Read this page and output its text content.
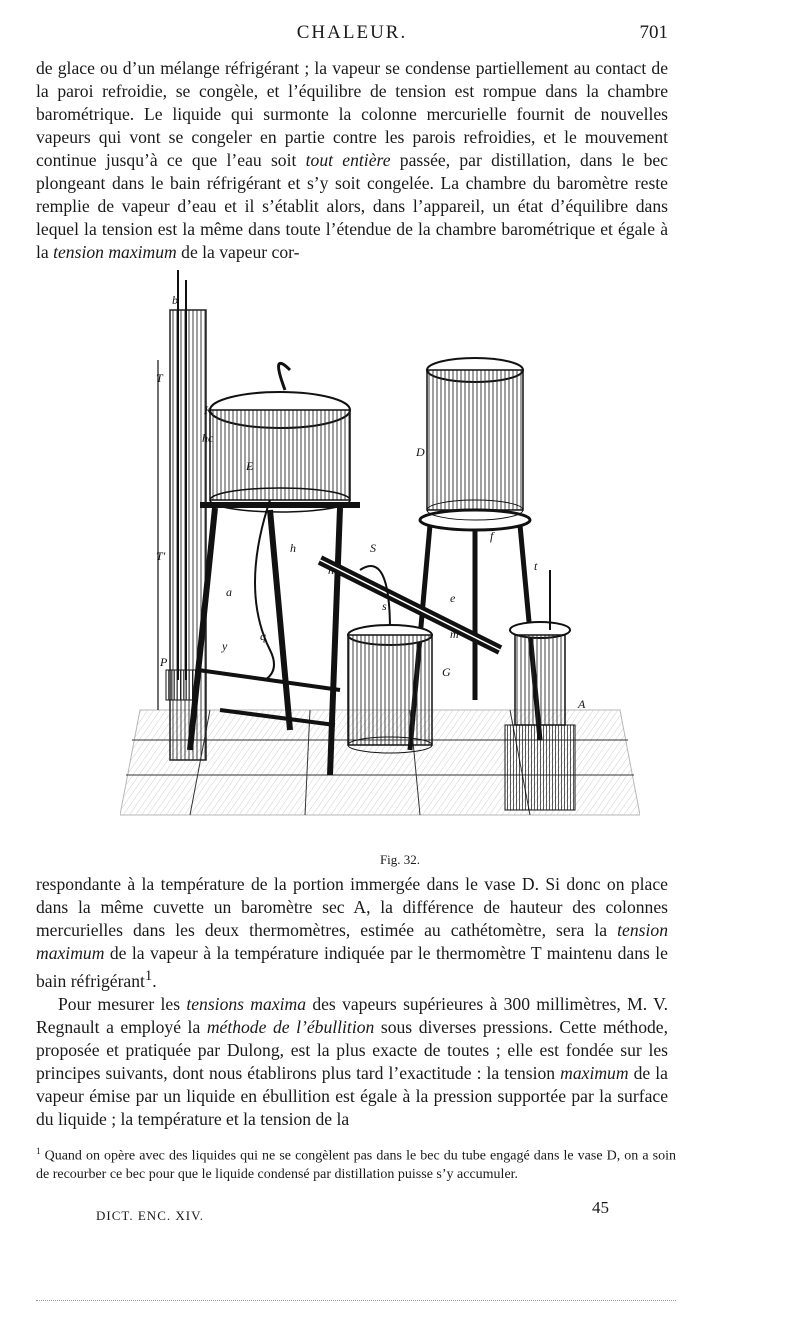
CHALEUR.	701

de glace ou d’un mélange réfrigérant ; la vapeur se condense partiellement au contact de la paroi refroidie, se congèle, et l’équilibre de tension est rompue dans la chambre barométrique. Le liquide qui surmonte la colonne mercurielle fournit de nouvelles vapeurs qui vont se congeler en partie contre les parois refroidies, et le mouvement continue jusqu’à ce que l’eau soit tout entière passée, par distillation, dans le bec plongeant dans le bain réfrigérant et s’y soit congelée. La chambre du baromètre reste remplie de vapeur d’eau et il s’établit alors, dans l’appareil, un état d’équilibre dans lequel la tension est la même dans toute l’étendue de la chambre barométrique et égale à la tension maximum de la vapeur cor-

b
T
K
hc
E
D
T'
h
n
S
s
e
f
m
t
q
y
a
G
A
P
Fig. 32.

respondante à la température de la portion immergée dans le vase D. Si donc on place dans la même cuvette un baromètre sec A, la différence de hauteur des colonnes mercurielles dans les deux thermomètres, estimée au cathétomètre, sera la tension maximum de la vapeur à la température indiquée par le thermomètre T maintenu dans le bain réfrigérant$^1$.

Pour mesurer les tensions maxima des vapeurs supérieures à 300 millimètres, M. V. Regnault a employé la méthode de l’ébullition sous diverses pressions. Cette méthode, proposée et pratiquée par Dulong, est la plus exacte de toutes ; elle est fondée sur les principes suivants, dont nous établirons plus tard l’exactitude : la tension maximum de la vapeur émise par un liquide en ébullition est égale à la pression supportée par la surface du liquide ; la température et la tension de la

$^1$ Quand on opère avec des liquides qui ne se congèlent pas dans le bec du tube engagé dans le vase D, on a soin de recourber ce bec pour que le liquide condensé par distillation puisse s’y accumuler.
DICT. ENC. XIV.	45
